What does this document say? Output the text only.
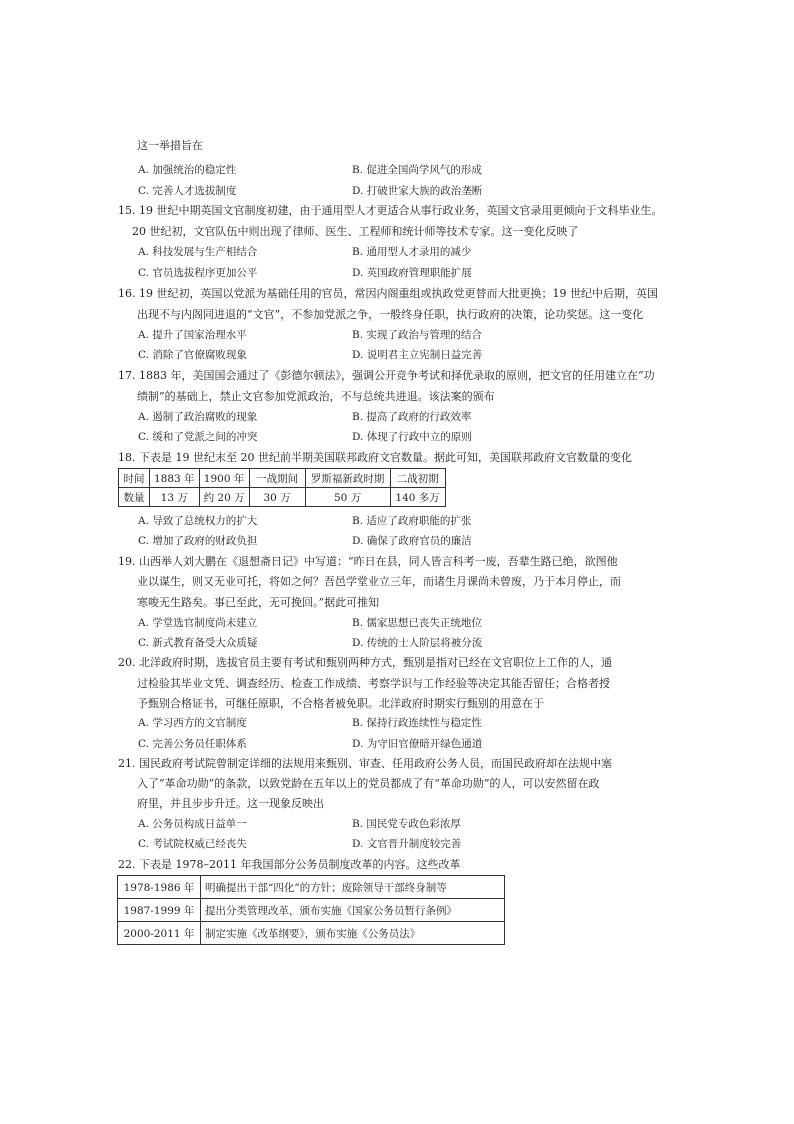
这一举措旨在
A. 加强统治的稳定性	B. 促进全国尚学风气的形成
C. 完善人才选拔制度	D. 打破世家大族的政治垄断
15. 19 世纪中期英国文官制度初建，由于通用型人才更适合从事行政业务，英国文官录用更倾向于文科毕业生。
20 世纪初，文官队伍中则出现了律师、医生、工程师和统计师等技术专家。这一变化反映了
A. 科技发展与生产相结合	B. 通用型人才录用的减少
C. 官员选拔程序更加公平	D. 英国政府管理职能扩展
16. 19 世纪初，英国以党派为基础任用的官员，常因内阁重组或执政党更替而大批更换；19 世纪中后期，英国
出现不与内阁同进退的“文官”，不参加党派之争，一般终身任职，执行政府的决策，论功奖惩。这一变化
A. 提升了国家治理水平	B. 实现了政治与管理的结合
C. 消除了官僚腐败现象	D. 说明君主立宪制日益完善
17. 1883 年，美国国会通过了《彭德尔顿法》，强调公开竞争考试和择优录取的原则，把文官的任用建立在“功
绩制”的基础上，禁止文官参加党派政治，不与总统共进退。该法案的颁布
A. 遏制了政治腐败的现象	B. 提高了政府的行政效率
C. 缓和了党派之间的冲突	D. 体现了行政中立的原则
18. 下表是 19 世纪末至 20 世纪前半期美国联邦政府文官数量。据此可知，美国联邦政府文官数量的变化
时间	1883 年	1900 年	一战期间	罗斯福新政时期	二战初期
数量	13 万	约 20 万	30 万	50 万	140 多万
A. 导致了总统权力的扩大	B. 适应了政府职能的扩张
C. 增加了政府的财政负担	D. 确保了政府官员的廉洁
19. 山西举人刘大鹏在《退想斋日记》中写道：“昨日在县，同人皆言科考一废，吾辈生路已绝，欲图他
业以谋生，则又无业可托，将如之何？吾邑学堂业立三年，而诸生月课尚未曾废，乃于本月停止，而
寒唆无生路矣。事已至此，无可挽回。”据此可推知
A. 学堂选官制度尚未建立	B. 儒家思想已丧失正统地位
C. 新式教育备受大众质疑	D. 传统的士人阶层将被分流
20. 北洋政府时期，选拔官员主要有考试和甄别两种方式，甄别是指对已经在文官职位上工作的人，通
过检验其毕业文凭、调查经历、检查工作成绩、考察学识与工作经验等决定其能否留任；合格者授
予甄别合格证书，可继任原职，不合格者被免职。北洋政府时期实行甄别的用意在于
A. 学习西方的文官制度	B. 保持行政连续性与稳定性
C. 完善公务员任职体系	D. 为守旧官僚暗开绿色通道
21. 国民政府考试院曾制定详细的法规用来甄别、审查、任用政府公务人员，而国民政府却在法规中塞
入了“革命功勋”的条款，以致党龄在五年以上的党员都成了有“革命功勋”的人，可以安然留在政
府里，并且步步升迁。这一现象反映出
A. 公务员构成日益单一	B. 国民党专政色彩浓厚
C. 考试院权威已经丧失	D. 文官晋升制度较完善
22. 下表是 1978–2011 年我国部分公务员制度改革的内容。这些改革
1978-1986 年	明确提出干部“四化”的方针；废除领导干部终身制等
1987-1999 年	提出分类管理改革，颁布实施《国家公务员暂行条例》
2000-2011 年	制定实施《改革纲要》，颁布实施《公务员法》
